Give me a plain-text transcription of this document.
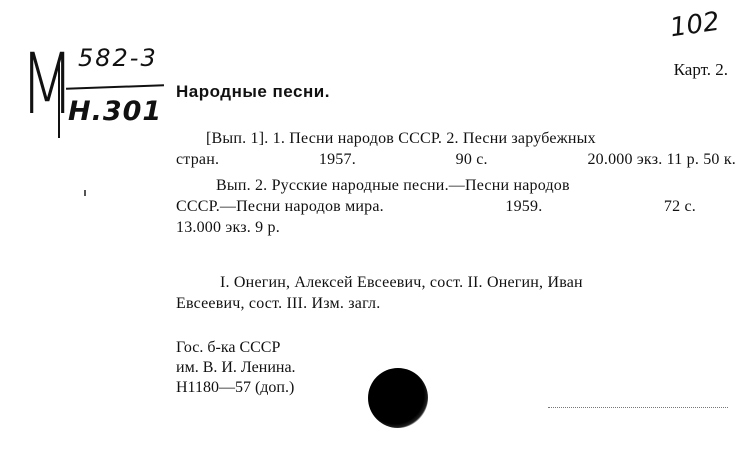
М 582-3
Н.301
102
Карт. 2.
Народные песни.
[Вып. 1]. 1. Песни народов СССР. 2. Песни зарубежных
стран.	1957.	90 с.	20.000 экз. 11 р. 50 к.
Вып. 2. Русские народные песни.—Песни народов
СССР.—Песни народов мира.	1959.	72 с.
13.000 экз. 9 р.
I. Онегин, Алексей Евсеевич, сост. II. Онегин, Иван
Евсеевич, сост. III. Изм. загл.
Гос. б-ка СССР
им. В. И. Ленина.
Н1180—57 (доп.)
